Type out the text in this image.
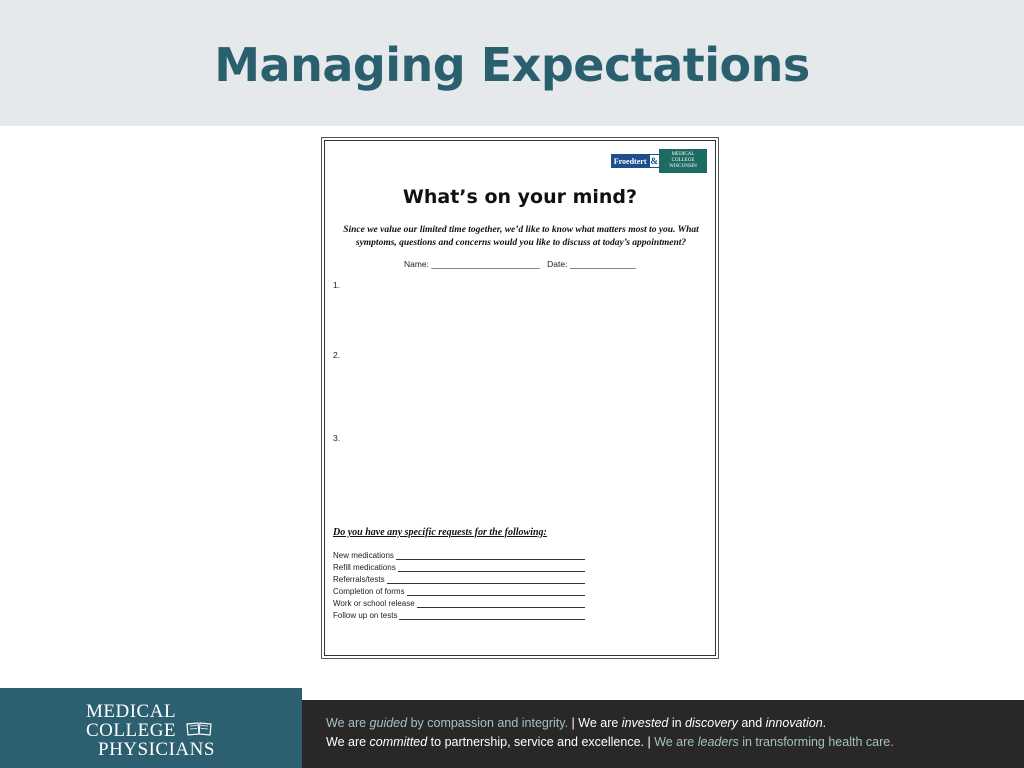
Managing Expectations
Froedtert &
MEDICAL
COLLEGE
WISCONSIN
What’s on your mind?
Since we value our limited time together, we’d like to know what matters most to you. What symptoms, questions and concerns would you like to discuss at today’s appointment?
Name: _______________________   Date: ______________
1.
2.
3.
Do you have any specific requests for the following:
New medications
Refill medications
Referrals/tests
Completion of forms
Work or school release
Follow up on tests
MEDICAL
COLLEGE
PHYSICIANS
We are guided by compassion and integrity. | We are invested in discovery and innovation.
We are committed to partnership, service and excellence. | We are leaders in transforming health care.
